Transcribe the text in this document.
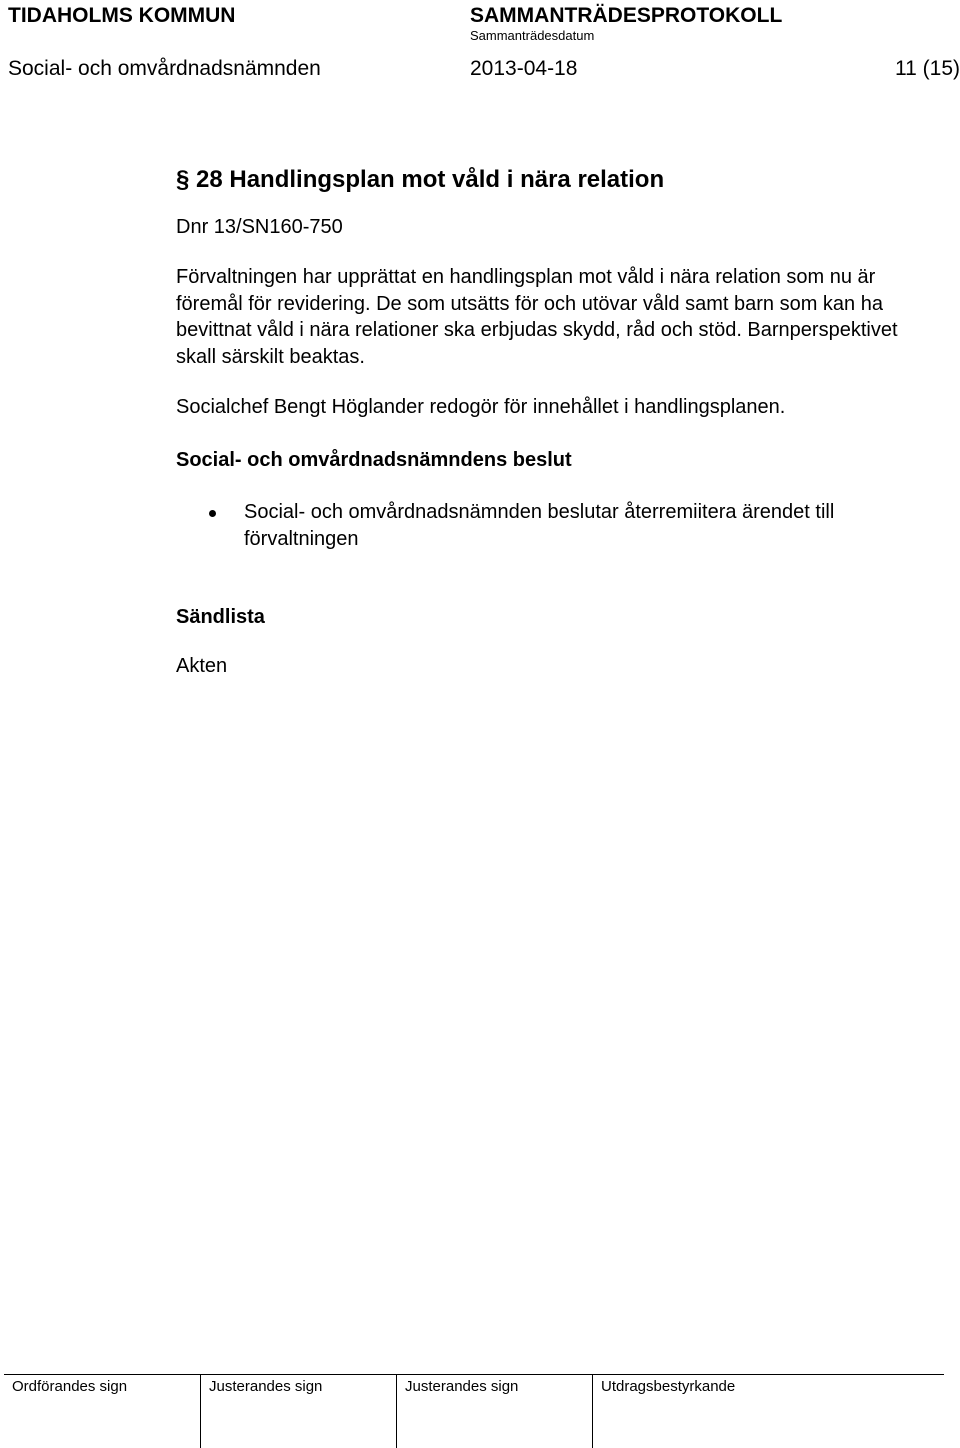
TIDAHOLMS KOMMUN	SAMMANTRÄDESPROTOKOLL
Sammanträdesdatum
Social- och omvårdnadsnämnden	2013-04-18	11 (15)
§ 28 Handlingsplan mot våld i nära relation
Dnr 13/SN160-750
Förvaltningen har upprättat en handlingsplan mot våld i nära relation som nu är föremål för revidering. De som utsätts för och utövar våld samt barn som kan ha bevittnat våld i nära relationer ska erbjudas skydd, råd och stöd. Barnperspektivet skall särskilt beaktas.
Socialchef Bengt Höglander redogör för innehållet i handlingsplanen.
Social- och omvårdnadsnämndens beslut
Social- och omvårdnadsnämnden beslutar återremiitera ärendet till förvaltningen
Sändlista
Akten
Ordförandes sign	Justerandes sign	Justerandes sign	Utdragsbestyrkande
